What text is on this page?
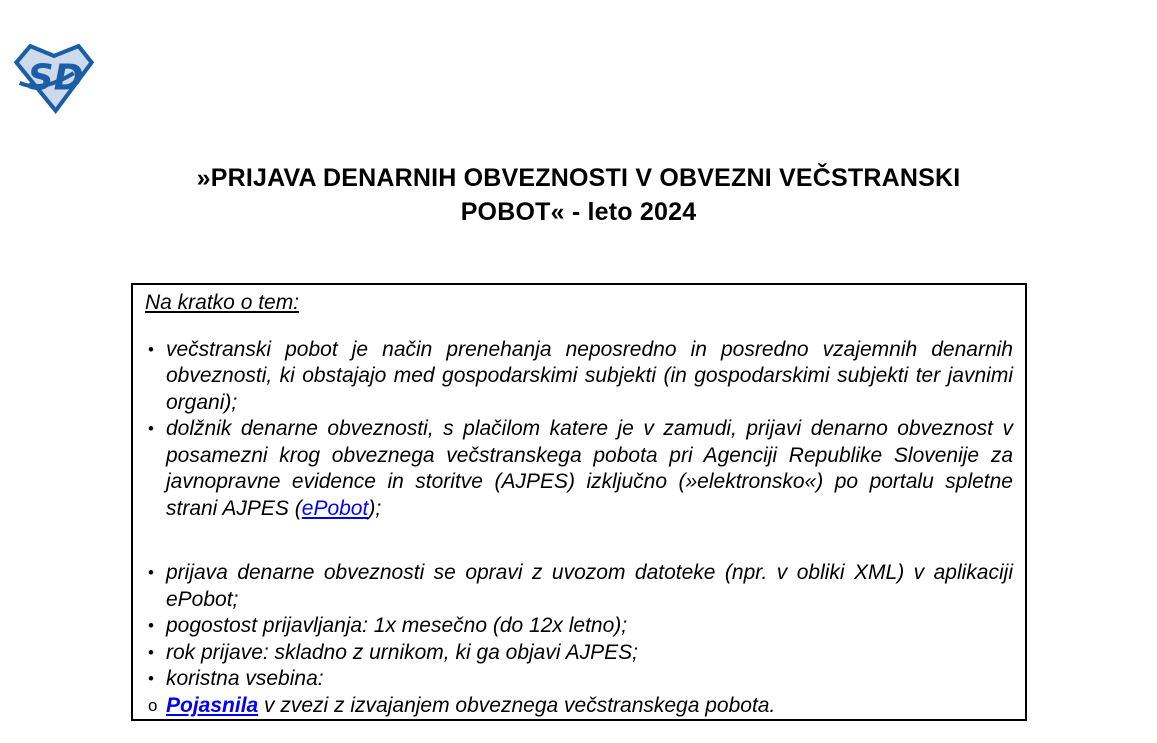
SD
»PRIJAVA DENARNIH OBVEZNOSTI V OBVEZNI VEČSTRANSKI
POBOT« - leto 2024
Na kratko o tem:
• večstranski pobot je način prenehanja neposredno in posredno vzajemnih denarnih obveznosti, ki obstajajo med gospodarskimi subjekti (in gospodarskimi subjekti ter javnimi organi);
• dolžnik denarne obveznosti, s plačilom katere je v zamudi, prijavi denarno obveznost v posamezni krog obveznega večstranskega pobota pri Agenciji Republike Slovenije za javnopravne evidence in storitve (AJPES) izključno (»elektronsko«) po portalu spletne strani AJPES (ePobot);
• prijava denarne obveznosti se opravi z uvozom datoteke (npr. v obliki XML) v aplikaciji ePobot;
• pogostost prijavljanja: 1x mesečno (do 12x letno);
• rok prijave: skladno z urnikom, ki ga objavi AJPES;
• koristna vsebina:
o Pojasnila v zvezi z izvajanjem obveznega večstranskega pobota.
